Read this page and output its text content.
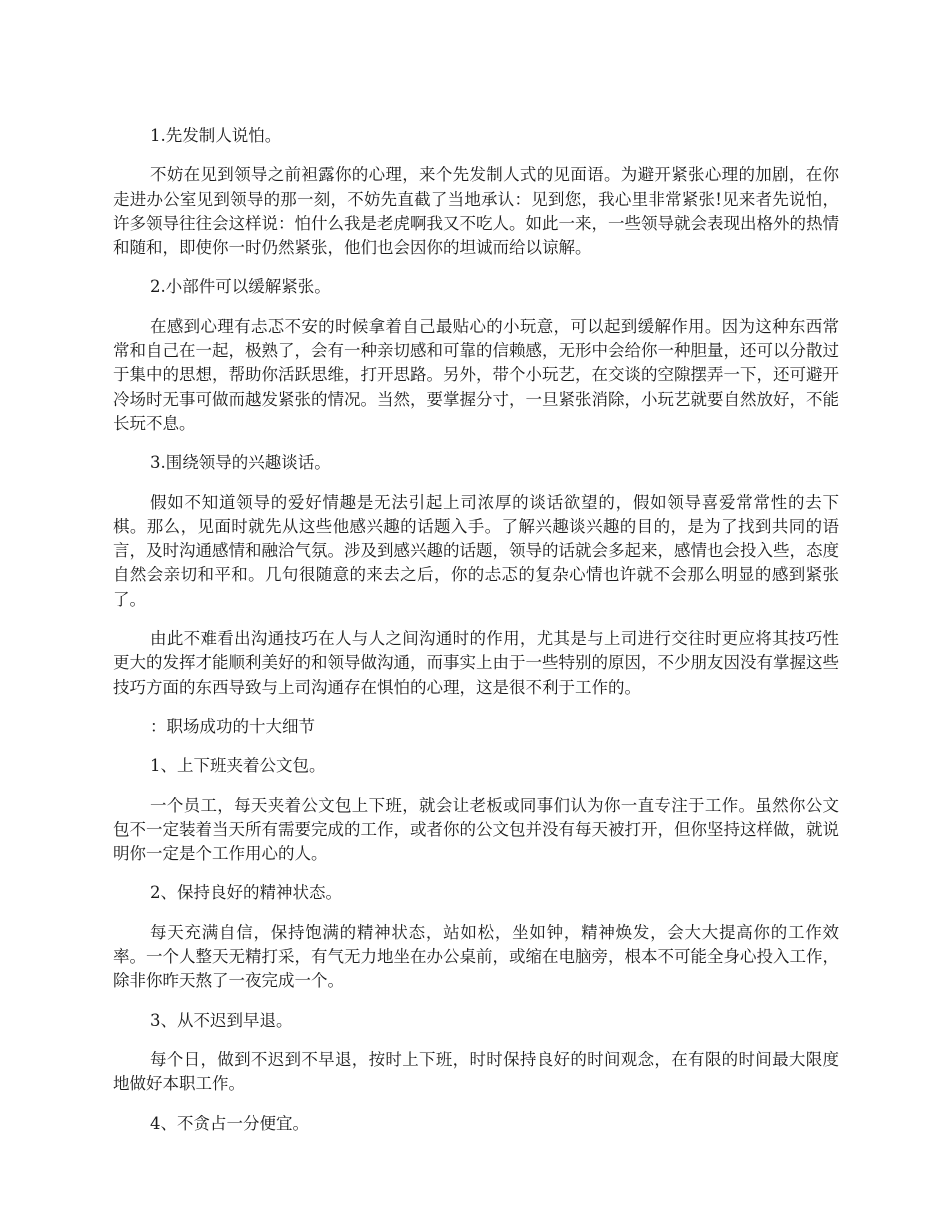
1.先发制人说怕。

不妨在见到领导之前袒露你的心理，来个先发制人式的见面语。为避开紧张心理的加剧，在你走进办公室见到领导的那一刻，不妨先直截了当地承认：见到您，我心里非常紧张!见来者先说怕，许多领导往往会这样说：怕什么我是老虎啊我又不吃人。如此一来，一些领导就会表现出格外的热情和随和，即使你一时仍然紧张，他们也会因你的坦诚而给以谅解。

2.小部件可以缓解紧张。

在感到心理有忐忑不安的时候拿着自己最贴心的小玩意，可以起到缓解作用。因为这种东西常常和自己在一起，极熟了，会有一种亲切感和可靠的信赖感，无形中会给你一种胆量，还可以分散过于集中的思想，帮助你活跃思维，打开思路。另外，带个小玩艺，在交谈的空隙摆弄一下，还可避开冷场时无事可做而越发紧张的情况。当然，要掌握分寸，一旦紧张消除，小玩艺就要自然放好，不能长玩不息。

3.围绕领导的兴趣谈话。

假如不知道领导的爱好情趣是无法引起上司浓厚的谈话欲望的，假如领导喜爱常常性的去下棋。那么，见面时就先从这些他感兴趣的话题入手。了解兴趣谈兴趣的目的，是为了找到共同的语言，及时沟通感情和融洽气氛。涉及到感兴趣的话题，领导的话就会多起来，感情也会投入些，态度自然会亲切和平和。几句很随意的来去之后，你的忐忑的复杂心情也许就不会那么明显的感到紧张了。

由此不难看出沟通技巧在人与人之间沟通时的作用，尤其是与上司进行交往时更应将其技巧性更大的发挥才能顺利美好的和领导做沟通，而事实上由于一些特别的原因，不少朋友因没有掌握这些技巧方面的东西导致与上司沟通存在惧怕的心理，这是很不利于工作的。

：职场成功的十大细节

1、上下班夹着公文包。

一个员工，每天夹着公文包上下班，就会让老板或同事们认为你一直专注于工作。虽然你公文包不一定装着当天所有需要完成的工作，或者你的公文包并没有每天被打开，但你坚持这样做，就说明你一定是个工作用心的人。

2、保持良好的精神状态。

每天充满自信，保持饱满的精神状态，站如松，坐如钟，精神焕发，会大大提高你的工作效率。一个人整天无精打采，有气无力地坐在办公桌前，或缩在电脑旁，根本不可能全身心投入工作，除非你昨天熬了一夜完成一个。

3、从不迟到早退。

每个日，做到不迟到不早退，按时上下班，时时保持良好的时间观念，在有限的时间最大限度地做好本职工作。

4、不贪占一分便宜。
